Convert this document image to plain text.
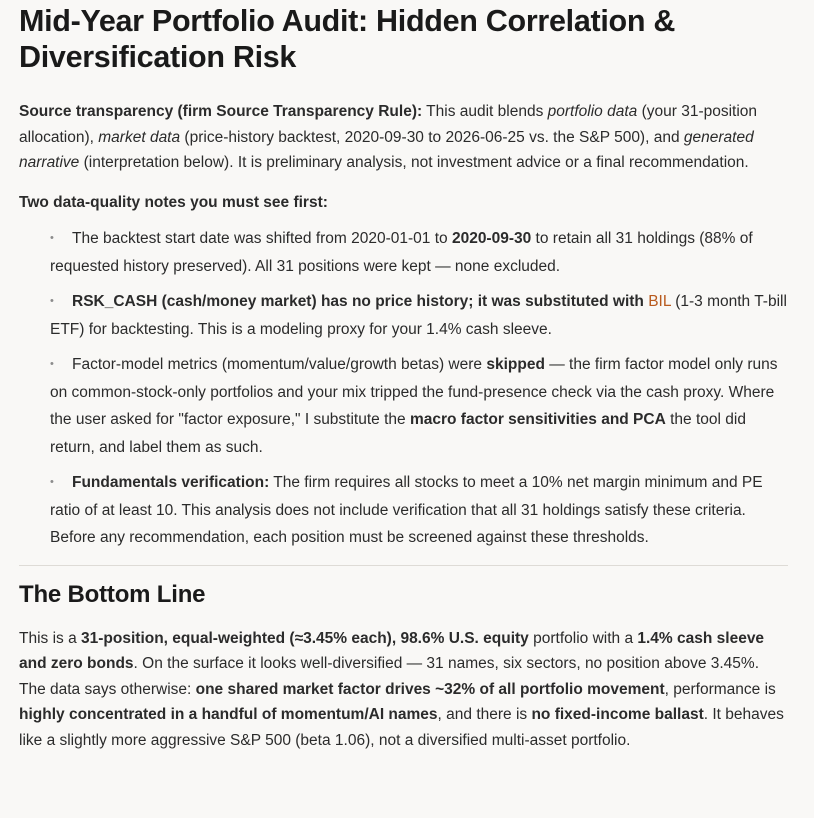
Mid-Year Portfolio Audit: Hidden Correlation &
Diversification Risk

Source transparency (firm Source Transparency Rule): This audit blends portfolio data (your 31-position allocation), market data (price-history backtest, 2020-09-30 to 2026-06-25 vs. the S&P 500), and generated narrative (interpretation below). It is preliminary analysis, not investment advice or a final recommendation.

Two data-quality notes you must see first:

• The backtest start date was shifted from 2020-01-01 to 2020-09-30 to retain all 31 holdings (88% of requested history preserved). All 31 positions were kept — none excluded.
• RSK_CASH (cash/money market) has no price history; it was substituted with BIL (1-3 month T-bill ETF) for backtesting. This is a modeling proxy for your 1.4% cash sleeve.
• Factor-model metrics (momentum/value/growth betas) were skipped — the firm factor model only runs on common-stock-only portfolios and your mix tripped the fund-presence check via the cash proxy. Where the user asked for "factor exposure," I substitute the macro factor sensitivities and PCA the tool did return, and label them as such.
• Fundamentals verification: The firm requires all stocks to meet a 10% net margin minimum and PE ratio of at least 10. This analysis does not include verification that all 31 holdings satisfy these criteria. Before any recommendation, each position must be screened against these thresholds.
The Bottom Line

This is a 31-position, equal-weighted (≈3.45% each), 98.6% U.S. equity portfolio with a 1.4% cash sleeve and zero bonds. On the surface it looks well-diversified — 31 names, six sectors, no position above 3.45%. The data says otherwise: one shared market factor drives ~32% of all portfolio movement, performance is highly concentrated in a handful of momentum/AI names, and there is no fixed-income ballast. It behaves like a slightly more aggressive S&P 500 (beta 1.06), not a diversified multi-asset portfolio.
